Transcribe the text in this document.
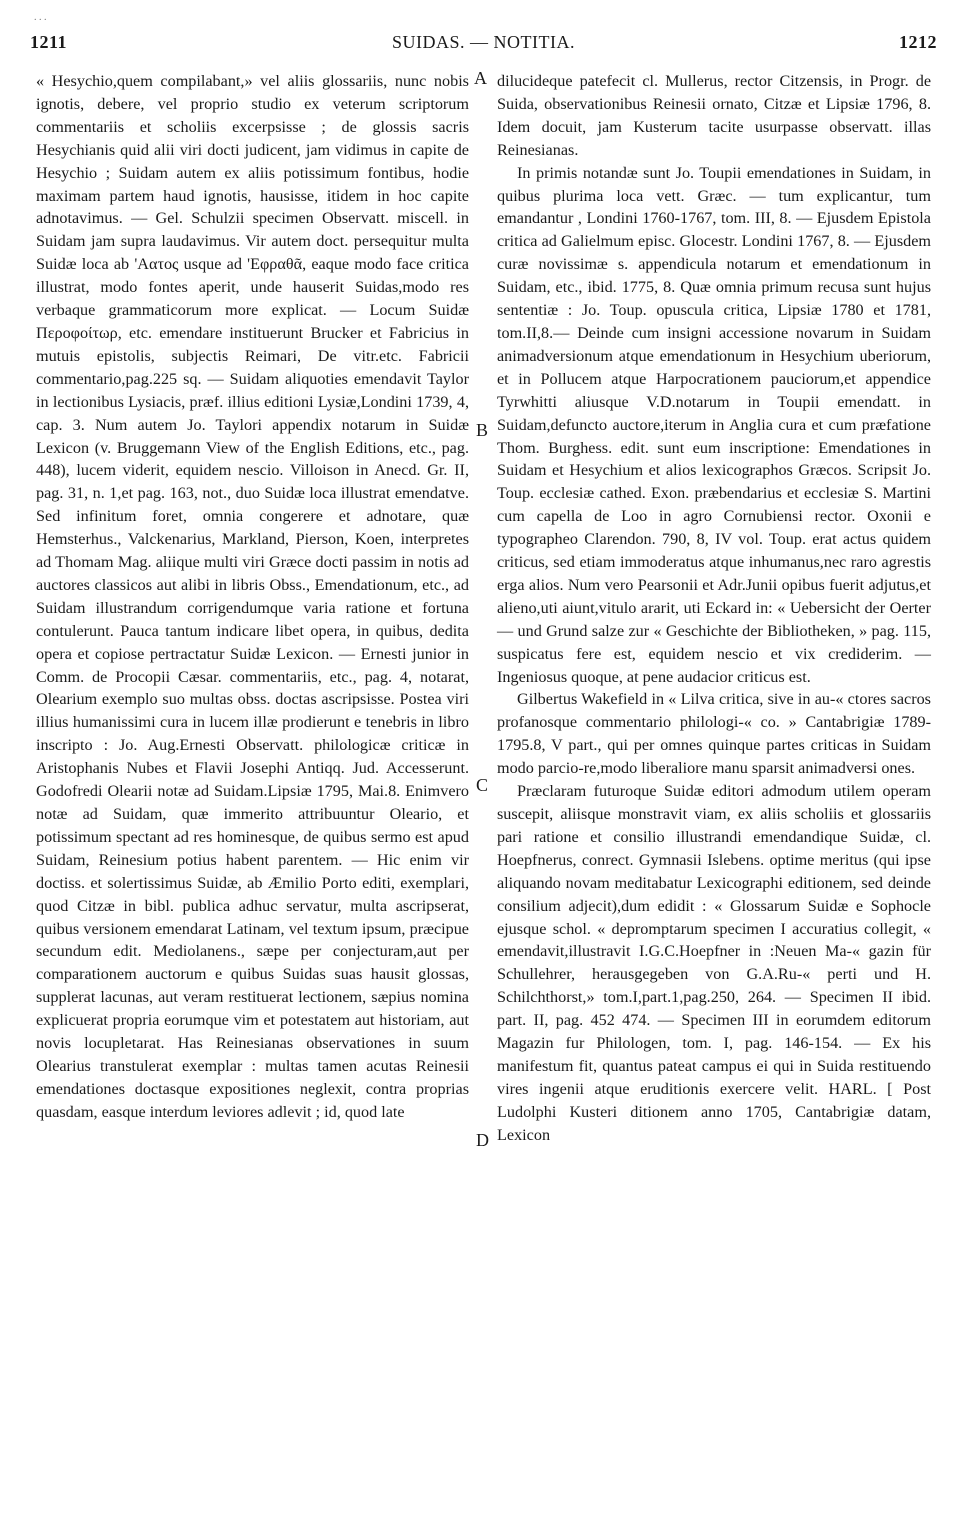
. . .
1211	SUIDAS. — NOTITIA.	1212
A
B
C
D

« Hesychio,quem compilabant,» vel aliis glossariis, nunc nobis ignotis, debere, vel proprio studio ex veterum scriptorum commentariis et scholiis excerpsisse ; de glossis sacris Hesychianis quid alii viri docti judicent, jam vidimus in capite de Hesychio ; Suidam autem ex aliis potissimum fontibus, hodie maximam partem haud ignotis, hausisse, itidem in hoc capite adnotavimus. — Gel. Schulzii specimen Observatt. miscell. in Suidam jam supra laudavimus. Vir autem doct. persequitur multa Suidæ loca ab 'Αατος usque ad 'Εφραθᾶ, eaque modo face critica illustrat, modo fontes aperit, unde hauserit Suidas,modo res verbaque grammaticorum more explicat. — Locum Suidæ Περοφοίτωρ, etc. emendare instituerunt Brucker et Fabricius in mutuis epistolis, subjectis Reimari, De vitr.etc. Fabricii commentario,pag.225 sq. — Suidam aliquoties emendavit Taylor in lectionibus Lysiacis, præf. illius editioni Lysiæ,Londini 1739, 4, cap. 3. Num autem Jo. Taylori appendix notarum in Suidæ Lexicon (v. Bruggemann View of the English Editions, etc., pag. 448), lucem viderit, equidem nescio. Villoison in Anecd. Gr. II, pag. 31, n. 1,et pag. 163, not., duo Suidæ loca illustrat emendatve. Sed infinitum foret, omnia congerere et adnotare, quæ Hemsterhus., Valckenarius, Markland, Pierson, Koen, interpretes ad Thomam Mag. aliique multi viri Græce docti passim in notis ad auctores classicos aut alibi in libris Obss., Emendationum, etc., ad Suidam illustrandum corrigendumque varia ratione et fortuna contulerunt. Pauca tantum indicare libet opera, in quibus, dedita opera et copiose pertractatur Suidæ Lexicon. — Ernesti junior in Comm. de Procopii Cæsar. commentariis, etc., pag. 4, notarat, Olearium exemplo suo multas obss. doctas ascripsisse. Postea viri illius humanissimi cura in lucem illæ prodierunt e tenebris in libro inscripto : Jo. Aug.Ernesti Observatt. philologicæ criticæ in Aristophanis Nubes et Flavii Josephi Antiqq. Jud. Accesserunt. Godofredi Olearii notæ ad Suidam.Lipsiæ 1795, Mai.8. Enimvero notæ ad Suidam, quæ immerito attribuuntur Oleario, et potissimum spectant ad res hominesque, de quibus sermo est apud Suidam, Reinesium potius habent parentem. — Hic enim vir doctiss. et solertissimus Suidæ, ab Æmilio Porto editi, exemplari, quod Citzæ in bibl. publica adhuc servatur, multa ascripserat, quibus versionem emendarat Latinam, vel textum ipsum, præcipue secundum edit. Mediolanens., sæpe per conjecturam,aut per comparationem auctorum e quibus Suidas suas hausit glossas, supplerat lacunas, aut veram restituerat lectionem, sæpius nomina explicuerat propria eorumque vim et potestatem aut historiam, aut novis locupletarat. Has Reinesianas observationes in suum Olearius transtulerat exemplar : multas tamen acutas Reinesii emendationes doctasque expositiones neglexit, contra proprias quasdam, easque interdum leviores adlevit ; id, quod late

dilucideque patefecit cl. Mullerus, rector Citzensis, in Progr. de Suida, observationibus Reinesii ornato, Citzæ et Lipsiæ 1796, 8. Idem docuit, jam Kusterum tacite usurpasse observatt. illas Reinesianas.

In primis notandæ sunt Jo. Toupii emendationes in Suidam, in quibus plurima loca vett. Græc. — tum explicantur, tum emandantur , Londini 1760-1767, tom. III, 8. — Ejusdem Epistola critica ad Galielmum episc. Glocestr. Londini 1767, 8. — Ejusdem curæ novissimæ s. appendicula notarum et emendationum in Suidam, etc., ibid. 1775, 8. Quæ omnia primum recusa sunt hujus sententiæ : Jo. Toup. opuscula critica, Lipsiæ 1780 et 1781, tom.II,8.— Deinde cum insigni accessione novarum in Suidam animadversionum atque emendationum in Hesychium uberiorum, et in Pollucem atque Harpocrationem pauciorum,et appendice Tyrwhitti aliusque V.D.notarum in Toupii emendatt. in Suidam,defuncto auctore,iterum in Anglia cura et cum præfatione Thom. Burghess. edit. sunt eum inscriptione: Emendationes in Suidam et Hesychium et alios lexicographos Græcos. Scripsit Jo. Toup. ecclesiæ cathed. Exon. præbendarius et ecclesiæ S. Martini cum capella de Loo in agro Cornubiensi rector. Oxonii e typographeo Clarendon. 790, 8, IV vol. Toup. erat actus quidem criticus, sed etiam immoderatus atque inhumanus,nec raro agrestis erga alios. Num vero Pearsonii et Adr.Junii opibus fuerit adjutus,et alieno,uti aiunt,vitulo ararit, uti Eckard in: « Uebersicht der Oerter — und Grund salze zur « Geschichte der Bibliotheken, » pag. 115, suspicatus fere est, equidem nescio et vix crediderim. — Ingeniosus quoque, at pene audacior criticus est.

Gilbertus Wakefield in « Lilva critica, sive in au-« ctores sacros profanosque commentario philologi-« co. » Cantabrigiæ 1789-1795.8, V part., qui per omnes quinque partes criticas in Suidam modo parcio-re,modo liberaliore manu sparsit animadversi ones.

Præclaram futuroque Suidæ editori admodum utilem operam suscepit, aliisque monstravit viam, ex aliis scholiis et glossariis pari ratione et consilio illustrandi emendandique Suidæ, cl. Hoepfnerus, conrect. Gymnasii Islebens. optime meritus (qui ipse aliquando novam meditabatur Lexicographi editionem, sed deinde consilium adjecit),dum edidit : « Glossarum Suidæ e Sophocle ejusque schol. « depromptarum specimen I accuratius collegit, « emendavit,illustravit I.G.C.Hoepfner in :Neuen Ma-« gazin für Schullehrer, herausgegeben von G.A.Ru-« perti und H. Schilchthorst,» tom.I,part.1,pag.250, 264. — Specimen II ibid. part. II, pag. 452 474. — Specimen III in eorumdem editorum Magazin fur Philologen, tom. I, pag. 146-154. — Ex his manifestum fit, quantus pateat campus ei qui in Suida restituendo vires ingenii atque eruditionis exercere velit. HARL. [ Post Ludolphi Kusteri ditionem anno 1705, Cantabrigiæ datam, Lexicon
